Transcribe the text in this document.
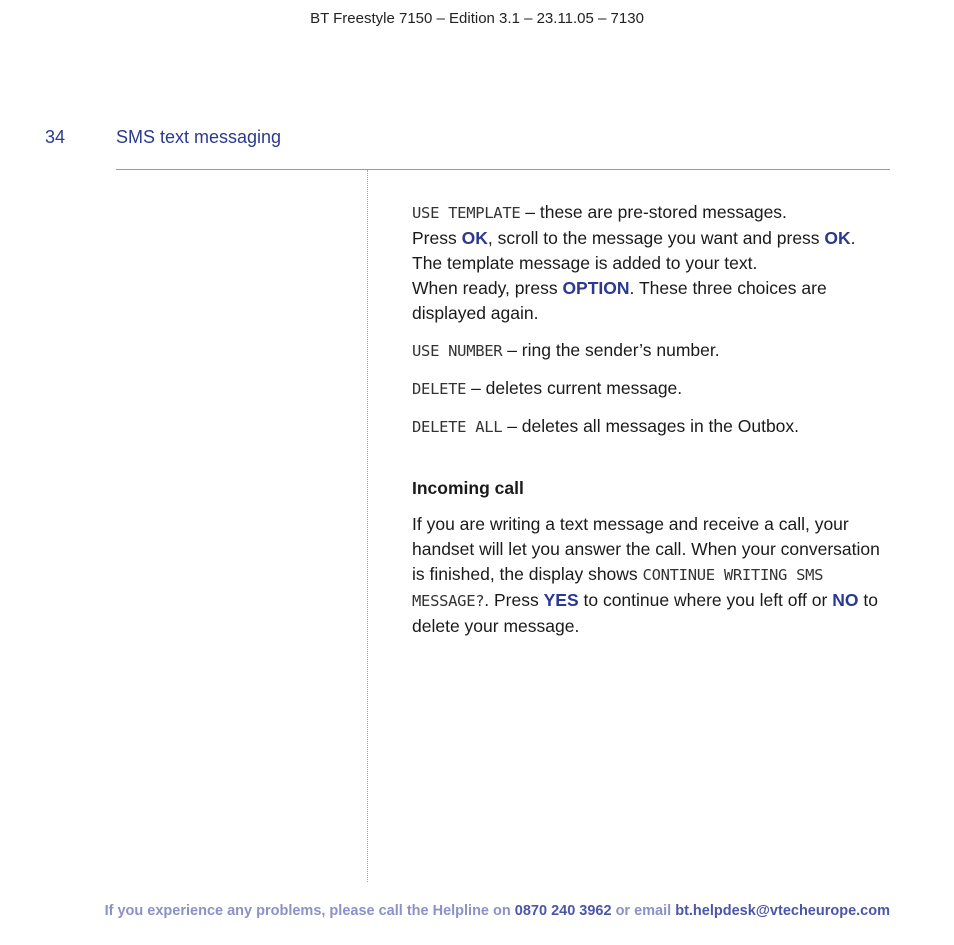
BT Freestyle 7150 – Edition 3.1 – 23.11.05 – 7130
34	SMS text messaging

USE TEMPLATE – these are pre-stored messages.
Press OK, scroll to the message you want and press OK.
The template message is added to your text.
When ready, press OPTION. These three choices are displayed again.

USE NUMBER – ring the sender’s number.

DELETE – deletes current message.

DELETE ALL – deletes all messages in the Outbox.

Incoming call

If you are writing a text message and receive a call, your handset will let you answer the call. When your conversation is finished, the display shows CONTINUE WRITING SMS MESSAGE?. Press YES to continue where you left off or NO to delete your message.

If you experience any problems, please call the Helpline on 0870 240 3962 or email bt.helpdesk@vtecheurope.com
